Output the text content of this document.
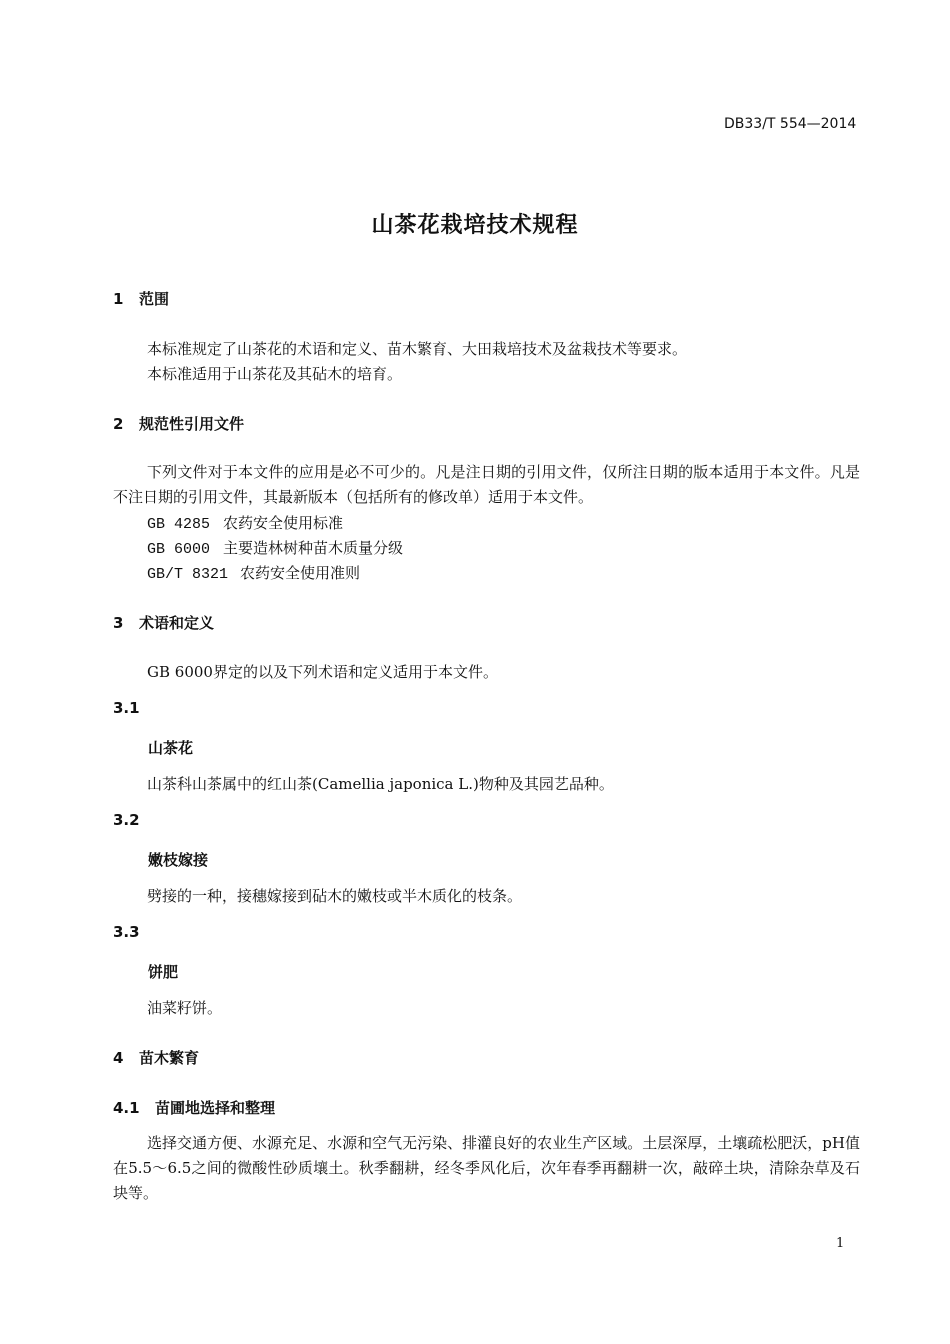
DB33/T 554—2014
山茶花栽培技术规程
1 范围
本标准规定了山茶花的术语和定义、苗木繁育、大田栽培技术及盆栽技术等要求。
本标准适用于山茶花及其砧木的培育。
2 规范性引用文件
下列文件对于本文件的应用是必不可少的。凡是注日期的引用文件，仅所注日期的版本适用于本文件。凡是不注日期的引用文件，其最新版本（包括所有的修改单）适用于本文件。
GB 4285 农药安全使用标准
GB 6000 主要造林树种苗木质量分级
GB/T 8321 农药安全使用准则
3 术语和定义
GB 6000界定的以及下列术语和定义适用于本文件。
3.1
山茶花
山茶科山茶属中的红山茶(Camellia japonica L.)物种及其园艺品种。
3.2
嫩枝嫁接
劈接的一种，接穗嫁接到砧木的嫩枝或半木质化的枝条。
3.3
饼肥
油菜籽饼。
4 苗木繁育
4.1 苗圃地选择和整理
选择交通方便、水源充足、水源和空气无污染、排灌良好的农业生产区域。土层深厚，土壤疏松肥沃，pH值在5.5～6.5之间的微酸性砂质壤土。秋季翻耕，经冬季风化后，次年春季再翻耕一次，敲碎土块，清除杂草及石块等。
1
